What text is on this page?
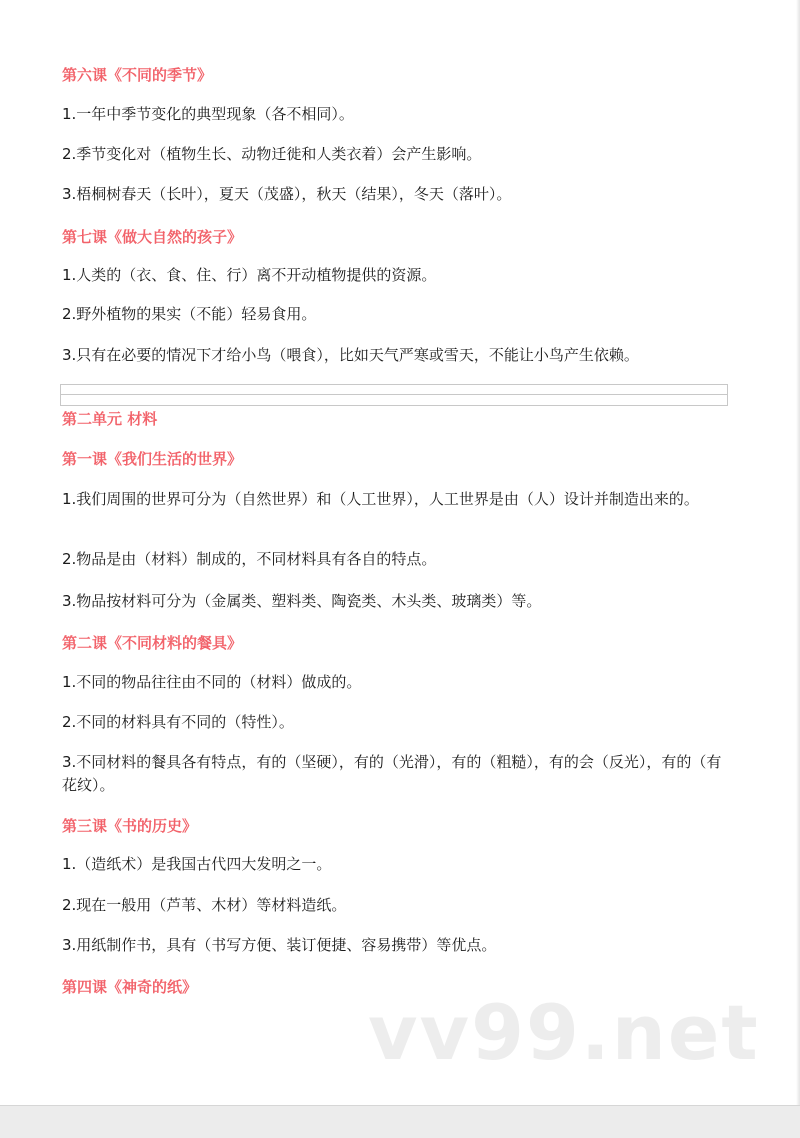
第六课《不同的季节》
1.一年中季节变化的典型现象（各不相同）。
2.季节变化对（植物生长、动物迁徙和人类衣着）会产生影响。
3.梧桐树春天（长叶），夏天（茂盛），秋天（结果），冬天（落叶）。
第七课《做大自然的孩子》
1.人类的（衣、食、住、行）离不开动植物提供的资源。
2.野外植物的果实（不能）轻易食用。
3.只有在必要的情况下才给小鸟（喂食），比如天气严寒或雪天，不能让小鸟产生依赖。
第二单元 材料
第一课《我们生活的世界》
1.我们周围的世界可分为（自然世界）和（人工世界），人工世界是由（人）设计并制造出来的。
2.物品是由（材料）制成的，不同材料具有各自的特点。
3.物品按材料可分为（金属类、塑料类、陶瓷类、木头类、玻璃类）等。
第二课《不同材料的餐具》
1.不同的物品往往由不同的（材料）做成的。
2.不同的材料具有不同的（特性）。
3.不同材料的餐具各有特点，有的（坚硬），有的（光滑），有的（粗糙），有的会（反光），有的（有花纹）。
第三课《书的历史》
1.（造纸术）是我国古代四大发明之一。
2.现在一般用（芦苇、木材）等材料造纸。
3.用纸制作书，具有（书写方便、装订便捷、容易携带）等优点。
第四课《神奇的纸》
vv99.net
